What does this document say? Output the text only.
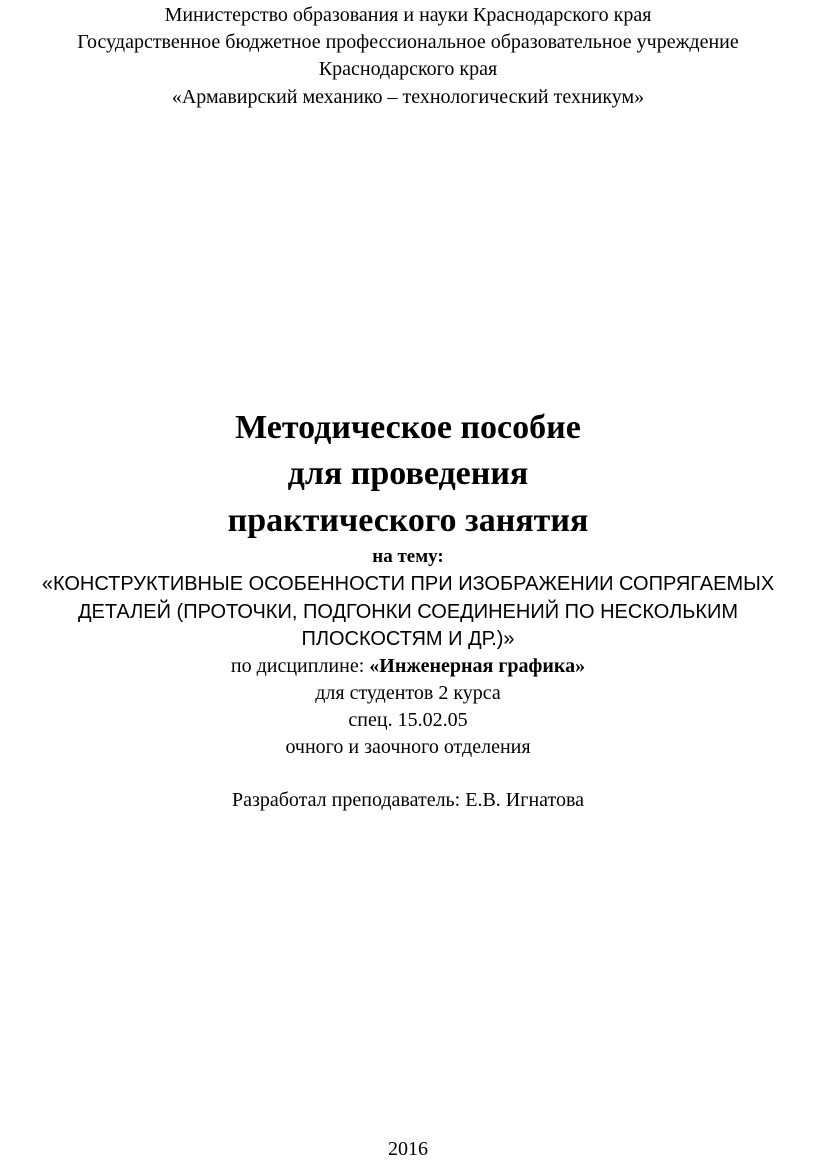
Министерство образования и науки Краснодарского края
Государственное бюджетное профессиональное образовательное учреждение
Краснодарского края
«Армавирский механико – технологический техникум»
Методическое пособие
для проведения
практического занятия
на тему:
«КОНСТРУКТИВНЫЕ ОСОБЕННОСТИ ПРИ ИЗОБРАЖЕНИИ СОПРЯГАЕМЫХ
ДЕТАЛЕЙ (ПРОТОЧКИ, ПОДГОНКИ СОЕДИНЕНИЙ ПО НЕСКОЛЬКИМ
ПЛОСКОСТЯМ И ДР.)»
по дисциплине: «Инженерная графика»
для студентов 2 курса
спец. 15.02.05
очного и заочного отделения
Разработал преподаватель: Е.В. Игнатова
2016
